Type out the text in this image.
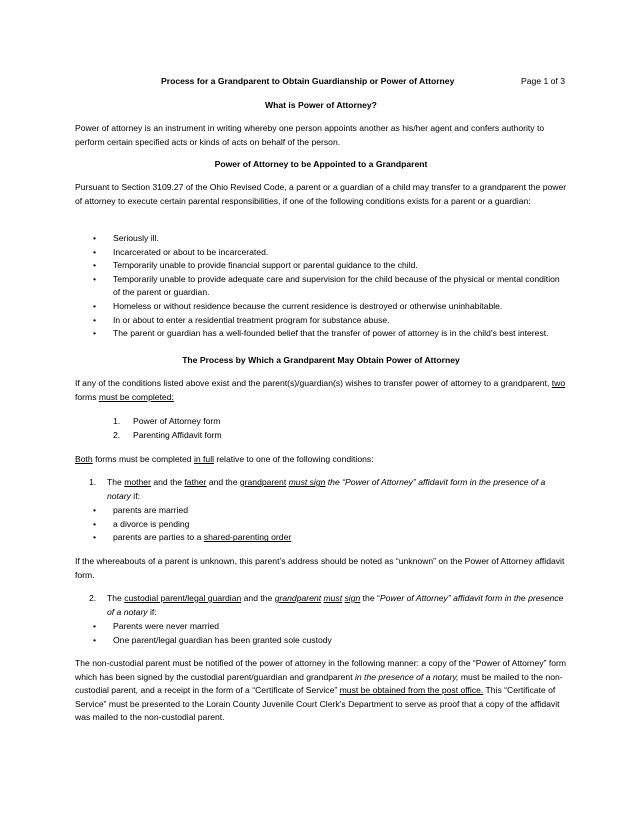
Process for a Grandparent to Obtain Guardianship or Power of Attorney	Page 1 of 3
What is Power of Attorney?
Power of attorney is an instrument in writing whereby one person appoints another as his/her agent and confers authority to perform certain specified acts or kinds of acts on behalf of the person.
Power of Attorney to be Appointed to a Grandparent
Pursuant to Section 3109.27 of the Ohio Revised Code, a parent or a guardian of a child may transfer to a grandparent the power of attorney to execute certain parental responsibilities, if one of the following conditions exists for a parent or a guardian:
• Seriously ill.
• Incarcerated or about to be incarcerated.
• Temporarily unable to provide financial support or parental guidance to the child.
• Temporarily unable to provide adequate care and supervision for the child because of the physical or mental condition of the parent or guardian.
• Homeless or without residence because the current residence is destroyed or otherwise uninhabitable.
• In or about to enter a residential treatment program for substance abuse.
• The parent or guardian has a well-founded belief that the transfer of power of attorney is in the child’s best interest.
The Process by Which a Grandparent May Obtain Power of Attorney
If any of the conditions listed above exist and the parent(s)/guardian(s) wishes to transfer power of attorney to a grandparent, two forms must be completed:
1. Power of Attorney form
2. Parenting Affidavit form
Both forms must be completed in full relative to one of the following conditions:
1. The mother and the father and the grandparent must sign the “Power of Attorney” affidavit form in the presence of a notary if:
• parents are married
• a divorce is pending
• parents are parties to a shared-parenting order
If the whereabouts of a parent is unknown, this parent’s address should be noted as “unknown” on the Power of Attorney affidavit form.
2. The custodial parent/legal guardian and the grandparent must sign the “Power of Attorney” affidavit form in the presence of a notary if:
• Parents were never married
• One parent/legal guardian has been granted sole custody
The non-custodial parent must be notified of the power of attorney in the following manner: a copy of the “Power of Attorney” form which has been signed by the custodial parent/guardian and grandparent in the presence of a notary, must be mailed to the non-custodial parent, and a receipt in the form of a “Certificate of Service” must be obtained from the post office. This “Certificate of Service” must be presented to the Lorain County Juvenile Court Clerk’s Department to serve as proof that a copy of the affidavit was mailed to the non-custodial parent.
